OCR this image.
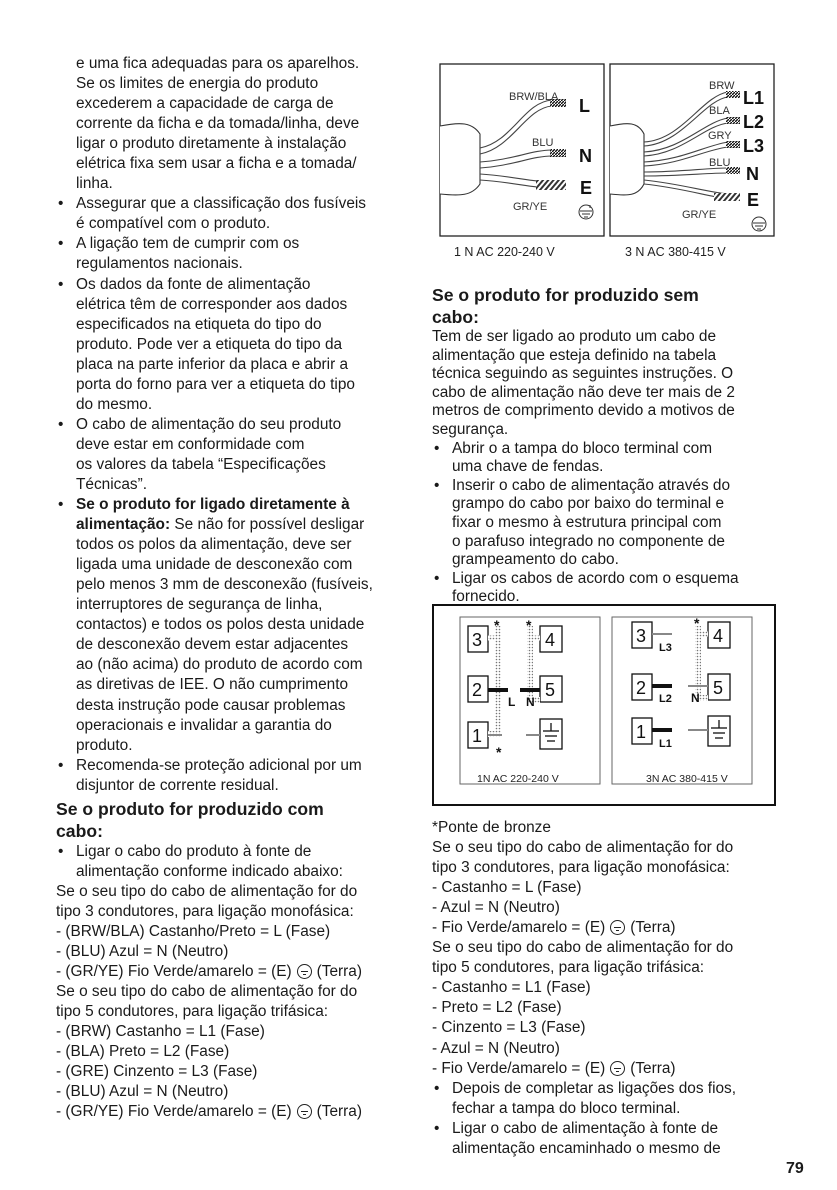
e uma fica adequadas para os aparelhos.
Se os limites de energia do produto
excederem a capacidade de carga de
corrente da ficha e da tomada/linha, deve
ligar o produto diretamente à instalação
elétrica fixa sem usar a ficha e a tomada/
linha.
• Assegurar que a classificação dos fusíveis
é compatível com o produto.
• A ligação tem de cumprir com os
regulamentos nacionais.
• Os dados da fonte de alimentação
elétrica têm de corresponder aos dados
especificados na etiqueta do tipo do
produto. Pode ver a etiqueta do tipo da
placa na parte inferior da placa e abrir a
porta do forno para ver a etiqueta do tipo
do mesmo.
• O cabo de alimentação do seu produto
deve estar em conformidade com
os valores da tabela “Especificações
Técnicas”.
• Se o produto for ligado diretamente à
alimentação: Se não for possível desligar
todos os polos da alimentação, deve ser
ligada uma unidade de desconexão com
pelo menos 3 mm de desconexão (fusíveis,
interruptores de segurança de linha,
contactos) e todos os polos desta unidade
de desconexão devem estar adjacentes
ao (não acima) do produto de acordo com
as diretivas de IEE. O não cumprimento
desta instrução pode causar problemas
operacionais e invalidar a garantia do
produto.
• Recomenda-se proteção adicional por um
disjuntor de corrente residual.
Se o produto for produzido com
cabo:
• Ligar o cabo do produto à fonte de
alimentação conforme indicado abaixo:
Se o seu tipo do cabo de alimentação for do
tipo 3 condutores, para ligação monofásica:
- (BRW/BLA) Castanho/Preto = L (Fase)
- (BLU) Azul = N (Neutro)
- (GR/YE) Fio Verde/amarelo = (E) (Terra)
Se o seu tipo do cabo de alimentação for do
tipo 5 condutores, para ligação trifásica:
- (BRW) Castanho = L1 (Fase)
- (BLA) Preto = L2 (Fase)
- (GRE) Cinzento = L3 (Fase)
- (BLU) Azul = N (Neutro)
- (GR/YE) Fio Verde/amarelo = (E) (Terra)
BRW/BLA
BLU
GR/YE
L
N
E
1 N AC 220-240 V
BRW
BLA
GRY
BLU
GR/YE
L1
L2
L3
N
E
3 N AC 380-415 V
Se o produto for produzido sem
cabo:
Tem de ser ligado ao produto um cabo de
alimentação que esteja definido na tabela
técnica seguindo as seguintes instruções. O
cabo de alimentação não deve ter mais de 2
metros de comprimento devido a motivos de
segurança.
• Abrir o a tampa do bloco terminal com
uma chave de fendas.
• Inserir o cabo de alimentação através do
grampo do cabo por baixo do terminal e
fixar o mesmo à estrutura principal com
o parafuso integrado no componente de
grampeamento do cabo.
• Ligar os cabos de acordo com o esquema
fornecido.
3	4
2	5
1
L N
* *
*
1N AC 220-240 V
3	4
2	5
1
L3
L2 N
L1
*
3N AC 380-415 V
*Ponte de bronze
Se o seu tipo do cabo de alimentação for do
tipo 3 condutores, para ligação monofásica:
- Castanho = L (Fase)
- Azul = N (Neutro)
- Fio Verde/amarelo = (E) (Terra)
Se o seu tipo do cabo de alimentação for do
tipo 5 condutores, para ligação trifásica:
- Castanho = L1 (Fase)
- Preto = L2 (Fase)
- Cinzento = L3 (Fase)
- Azul = N (Neutro)
- Fio Verde/amarelo = (E) (Terra)
• Depois de completar as ligações dos fios,
fechar a tampa do bloco terminal.
• Ligar o cabo de alimentação à fonte de
alimentação encaminhado o mesmo de
79
